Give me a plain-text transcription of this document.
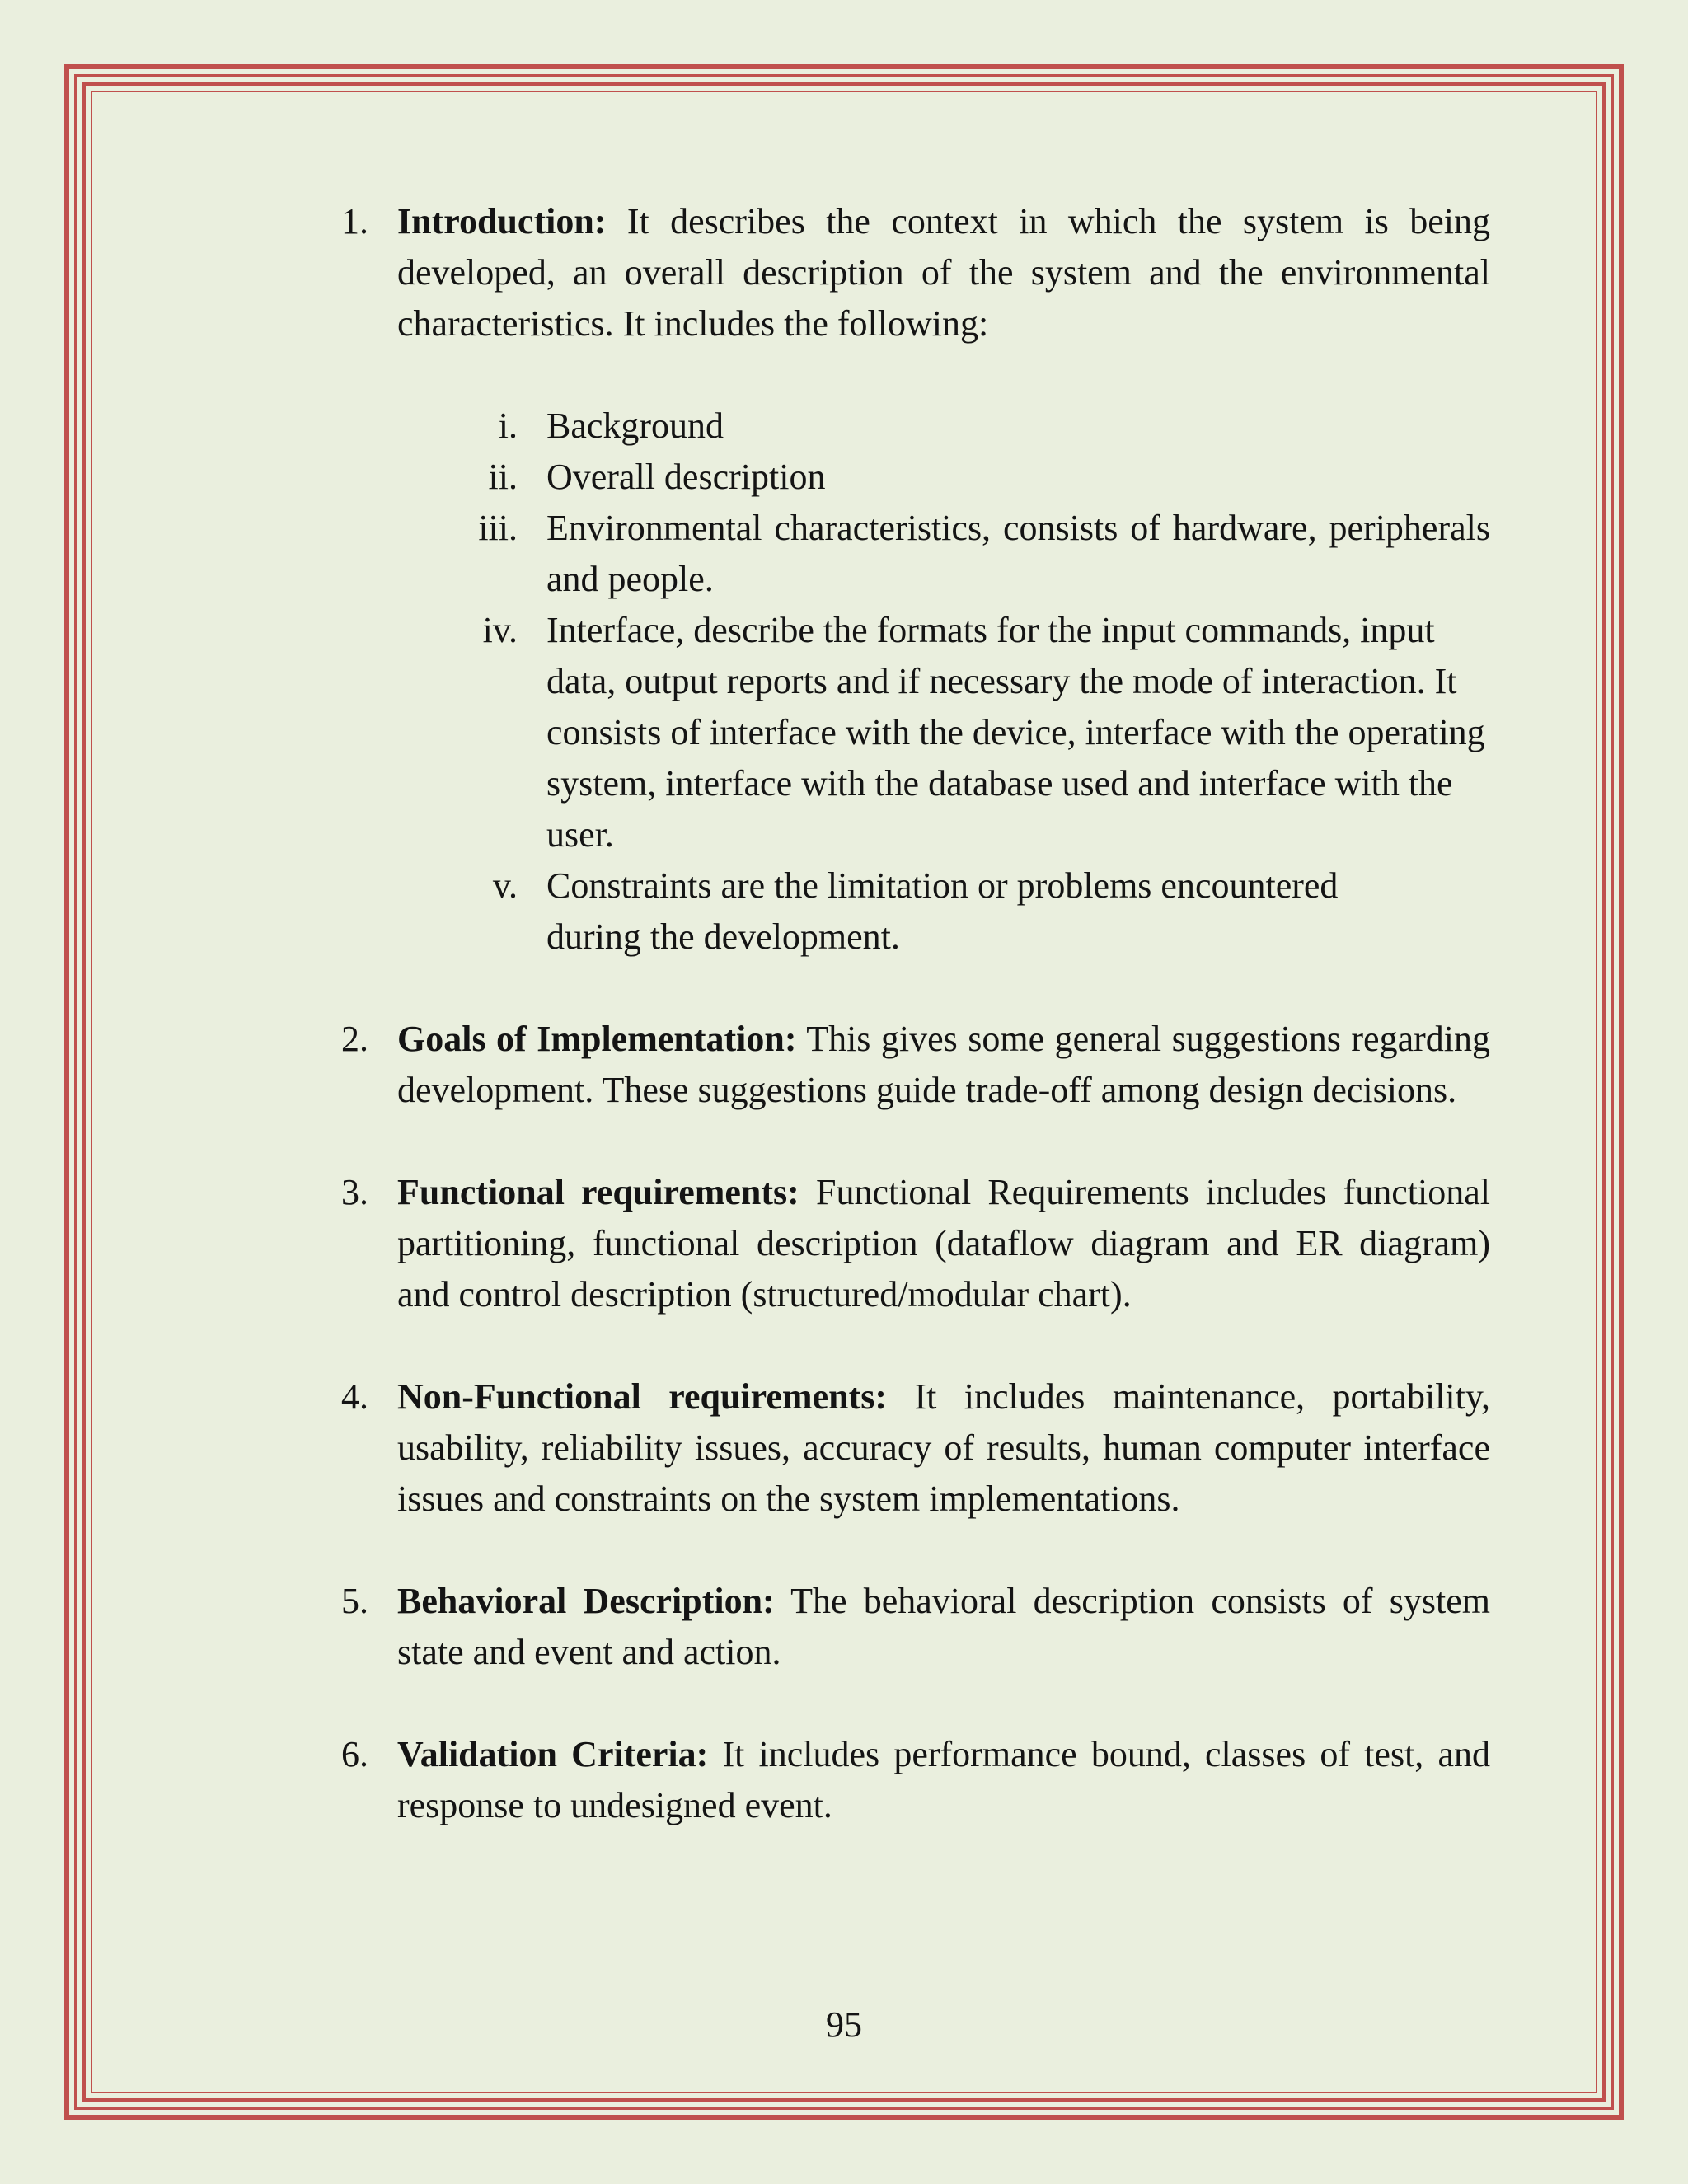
1. Introduction: It describes the context in which the system is being developed, an overall description of the system and the environmental characteristics. It includes the following:
i. Background
ii. Overall description
iii. Environmental characteristics, consists of hardware, peripherals and people.
iv. Interface, describe the formats for the input commands, input data, output reports and if necessary the mode of interaction. It consists of interface with the device, interface with the operating system, interface with the database used and interface with the user.
v. Constraints are the limitation or problems encountered during the development.
2. Goals of Implementation: This gives some general suggestions regarding development. These suggestions guide trade-off among design decisions.
3. Functional requirements: Functional Requirements includes functional partitioning, functional description (dataflow diagram and ER diagram) and control description (structured/modular chart).
4. Non-Functional requirements: It includes maintenance, portability, usability, reliability issues, accuracy of results, human computer interface issues and constraints on the system implementations.
5. Behavioral Description: The behavioral description consists of system state and event and action.
6. Validation Criteria: It includes performance bound, classes of test, and response to undesigned event.
95
